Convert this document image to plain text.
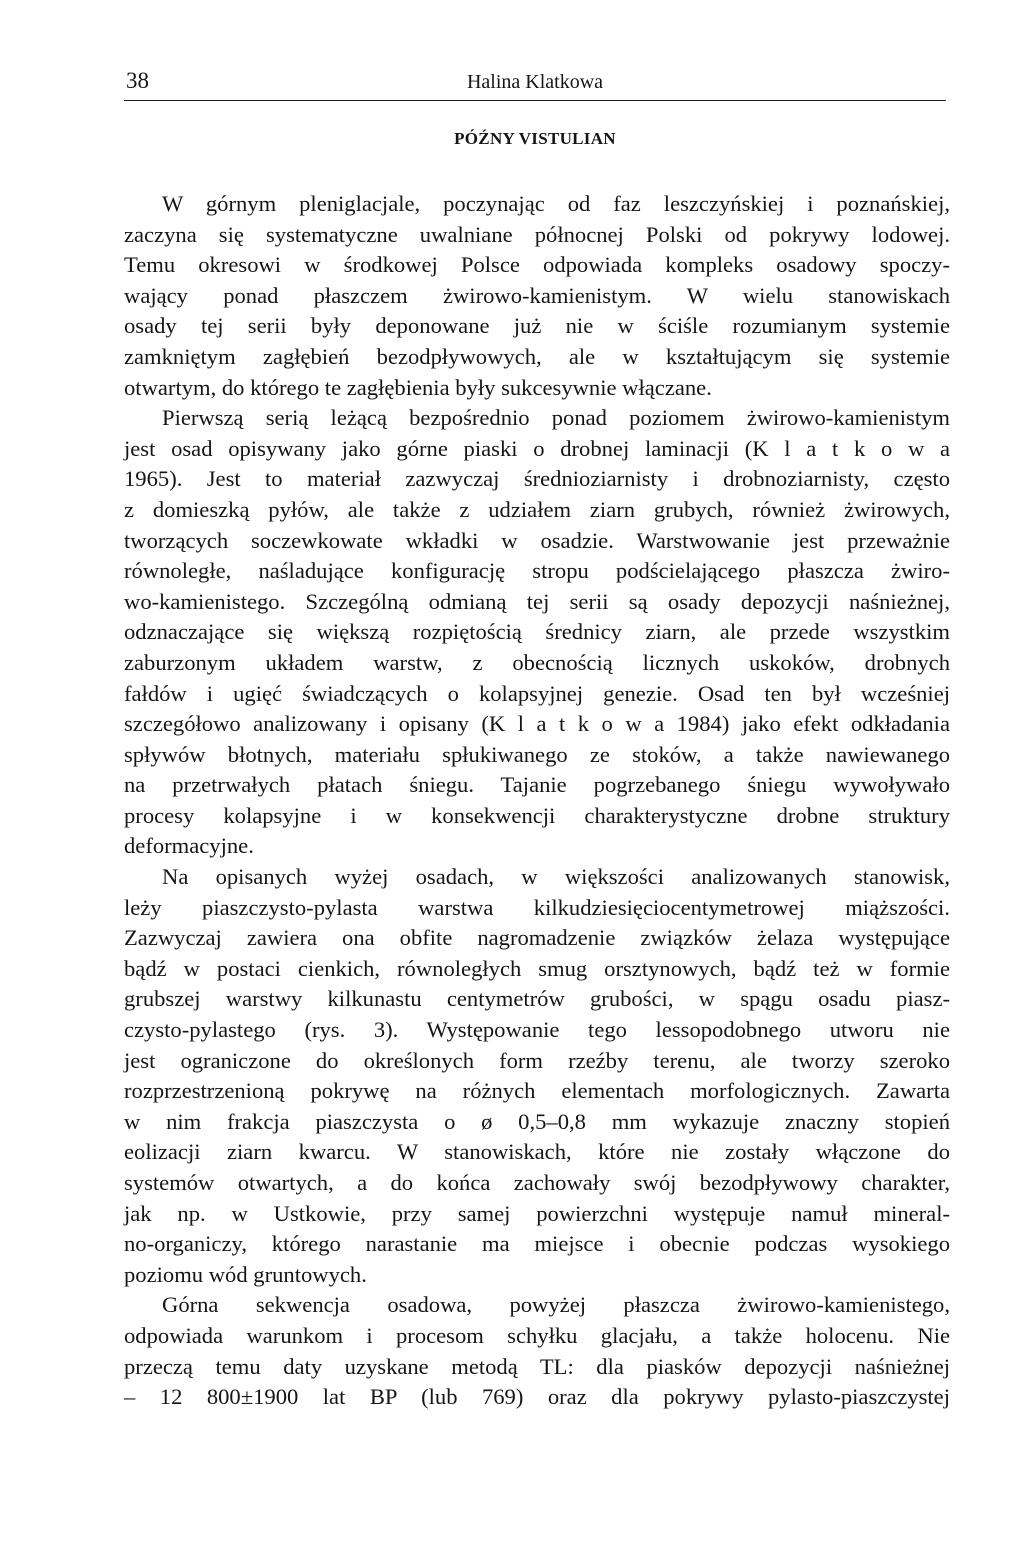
38	Halina Klatkowa
PÓŹNY VISTULIAN
W górnym pleniglacjale, poczynając od faz leszczyńskiej i poznańskiej,
zaczyna się systematyczne uwalniane północnej Polski od pokrywy lodowej.
Temu okresowi w środkowej Polsce odpowiada kompleks osadowy spoczy-
wający ponad płaszczem żwirowo-kamienistym. W wielu stanowiskach
osady tej serii były deponowane już nie w ściśle rozumianym systemie
zamkniętym zagłębień bezodpływowych, ale w kształtującym się systemie
otwartym, do którego te zagłębienia były sukcesywnie włączane.
Pierwszą serią leżącą bezpośrednio ponad poziomem żwirowo-kamienistym
jest osad opisywany jako górne piaski o drobnej laminacji (K l a t k o w a
1965). Jest to materiał zazwyczaj średnioziarnisty i drobnoziarnisty, często
z domieszką pyłów, ale także z udziałem ziarn grubych, również żwirowych,
tworzących soczewkowate wkładki w osadzie. Warstwowanie jest przeważnie
równoległe, naśladujące konfigurację stropu podścielającego płaszcza żwiro-
wo-kamienistego. Szczególną odmianą tej serii są osady depozycji naśnieżnej,
odznaczające się większą rozpiętością średnicy ziarn, ale przede wszystkim
zaburzonym układem warstw, z obecnością licznych uskoków, drobnych
fałdów i ugięć świadczących o kolapsyjnej genezie. Osad ten był wcześniej
szczegółowo analizowany i opisany (K l a t k o w a 1984) jako efekt odkładania
spływów błotnych, materiału spłukiwanego ze stoków, a także nawiewanego
na przetrwałych płatach śniegu. Tajanie pogrzebanego śniegu wywoływało
procesy kolapsyjne i w konsekwencji charakterystyczne drobne struktury
deformacyjne.
Na opisanych wyżej osadach, w większości analizowanych stanowisk,
leży piaszczysto-pylasta warstwa kilkudziesięciocentymetrowej miąższości.
Zazwyczaj zawiera ona obfite nagromadzenie związków żelaza występujące
bądź w postaci cienkich, równoległych smug orsztynowych, bądź też w formie
grubszej warstwy kilkunastu centymetrów grubości, w spągu osadu piasz-
czysto-pylastego (rys. 3). Występowanie tego lessopodobnego utworu nie
jest ograniczone do określonych form rzeźby terenu, ale tworzy szeroko
rozprzestrzenioną pokrywę na różnych elementach morfologicznych. Zawarta
w nim frakcja piaszczysta o ø 0,5–0,8 mm wykazuje znaczny stopień
eolizacji ziarn kwarcu. W stanowiskach, które nie zostały włączone do
systemów otwartych, a do końca zachowały swój bezodpływowy charakter,
jak np. w Ustkowie, przy samej powierzchni występuje namuł mineral-
no-organiczy, którego narastanie ma miejsce i obecnie podczas wysokiego
poziomu wód gruntowych.
Górna sekwencja osadowa, powyżej płaszcza żwirowo-kamienistego,
odpowiada warunkom i procesom schyłku glacjału, a także holocenu. Nie
przeczą temu daty uzyskane metodą TL: dla piasków depozycji naśnieżnej
– 12 800±1900 lat BP (lub 769) oraz dla pokrywy pylasto-piaszczystej
